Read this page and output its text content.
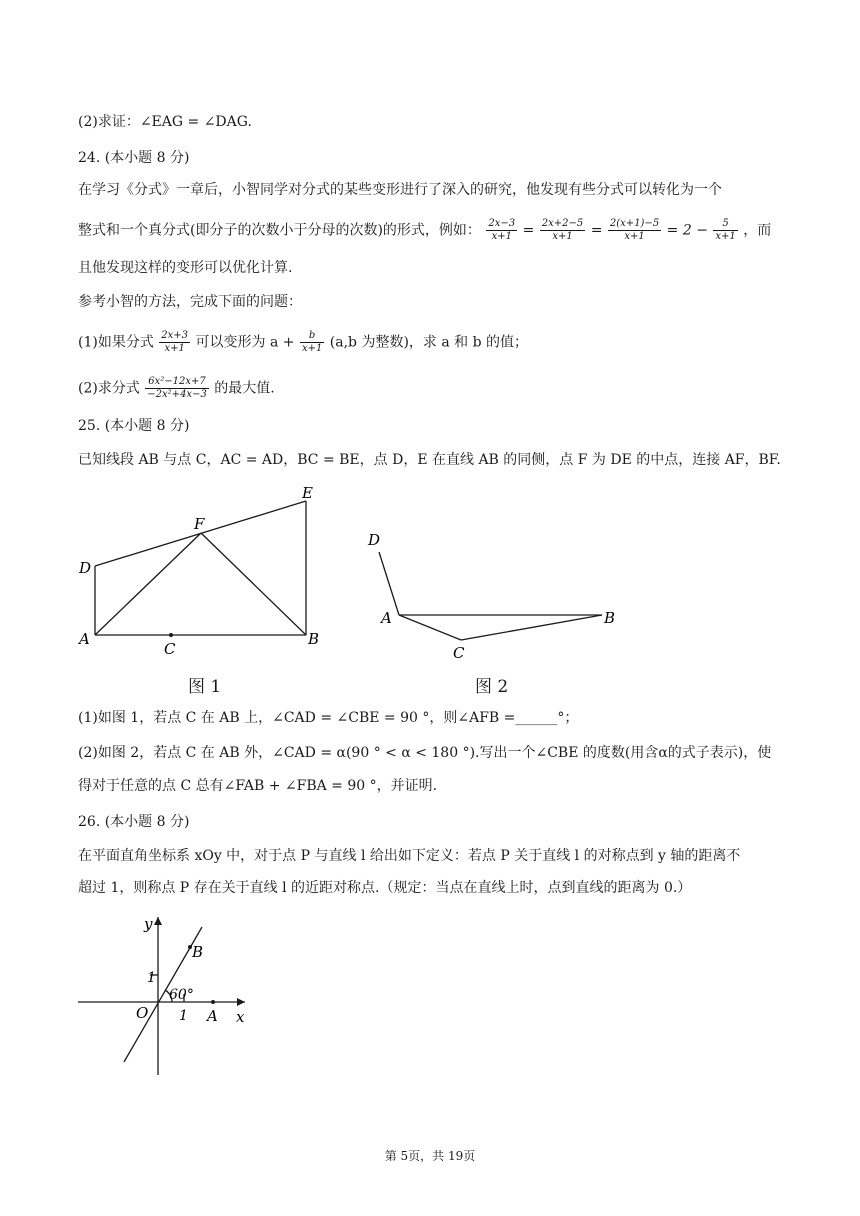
(2)求证：∠EAG = ∠DAG.
24. (本小题 8 分)
在学习《分式》一章后，小智同学对分式的某些变形进行了深入的研究，他发现有些分式可以转化为一个
整式和一个真分式(即分子的次数小于分母的次数)的形式，例如： $\frac{2x-3}{x+1} = \frac{2x+2-5}{x+1} = \frac{2(x+1)-5}{x+1} = 2 - \frac{5}{x+1}$ ，而
且他发现这样的变形可以优化计算.
参考小智的方法，完成下面的问题：
(1)如果分式 $\frac{2x+3}{x+1}$ 可以变形为 $a + \frac{b}{x+1} (a,b$ 为整数)，求 a 和 b 的值；
(2)求分式 $\frac{\text{6x²−12x+7}}{\text{−2x²+4x−3}}$ 的最大值.
25. (本小题 8 分)
已知线段 AB 与点 C，AC = AD，BC = BE，点 D，E 在直线 AB 的同侧，点 F 为 DE 的中点，连接 AF，BF.
D
E
F
A	B
C
图 1
D
A	B
C
图 2
(1)如图 1，若点 C 在 AB 上，∠CAD = ∠CBE = 90 °，则∠AFB =______°；
(2)如图 2，若点 C 在 AB 外，∠CAD = α(90 ° < α < 180 °).写出一个∠CBE 的度数(用含α的式子表示)，使
得对于任意的点 C 总有∠FAB + ∠FBA = 90 °，并证明.
26. (本小题 8 分)
在平面直角坐标系 xOy 中，对于点 P 与直线 l 给出如下定义：若点 P 关于直线 l 的对称点到 y 轴的距离不
超过 1，则称点 P 存在关于直线 l 的近距对称点.（规定：当点在直线上时，点到直线的距离为 0.）
y
x
O
1
1 A
B
60°
第 5页，共 19页
